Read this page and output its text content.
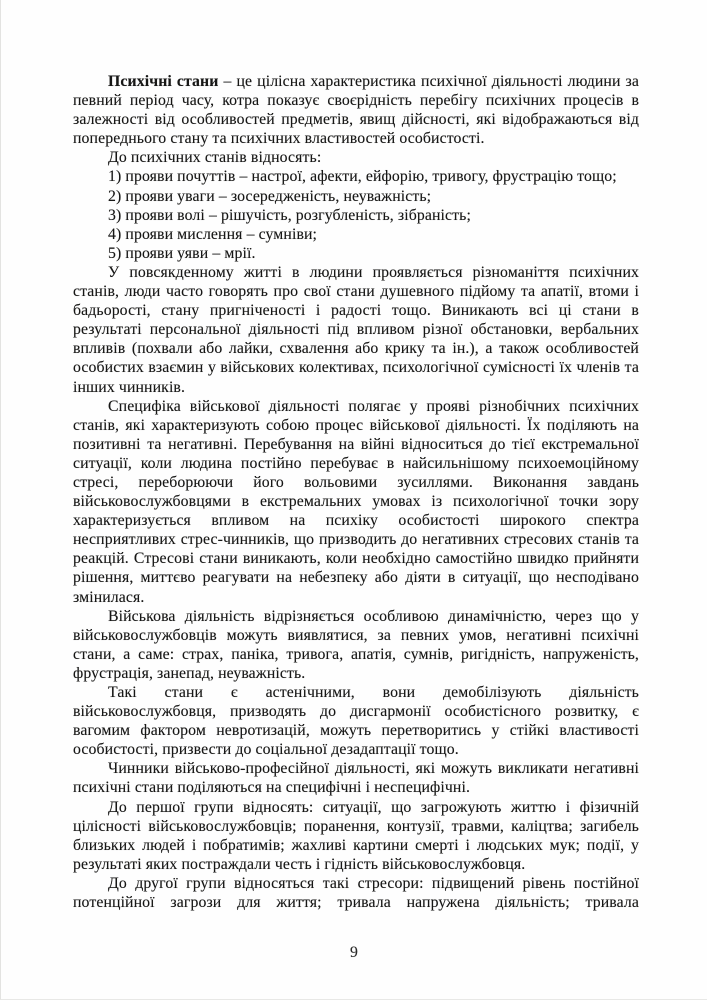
Психічні стани – це цілісна характеристика психічної діяльності людини за певний період часу, котра показує своєрідність перебігу психічних процесів в залежності від особливостей предметів, явищ дійсності, які відображаються від попереднього стану та психічних властивостей особистості.

До психічних станів відносять:

1) прояви почуттів – настрої, афекти, ейфорію, тривогу, фрустрацію тощо;

2) прояви уваги – зосередженість, неуважність;

3) прояви волі – рішучість, розгубленість, зібраність;

4) прояви мислення – сумніви;

5) прояви уяви – мрії.

У повсякденному житті в людини проявляється різноманіття психічних станів, люди часто говорять про свої стани душевного підйому та апатії, втоми і бадьорості, стану пригніченості і радості тощо. Виникають всі ці стани в результаті персональної діяльності під впливом різної обстановки, вербальних впливів (похвали або лайки, схвалення або крику та ін.), а також особливостей особистих взаємин у військових колективах, психологічної сумісності їх членів та інших чинників.

Специфіка військової діяльності полягає у прояві різнобічних психічних станів, які характеризують собою процес військової діяльності. Їх поділяють на позитивні та негативні. Перебування на війні відноситься до тієї екстремальної ситуації, коли людина постійно перебуває в найсильнішому психоемоційному стресі, переборюючи його вольовими зусиллями. Виконання завдань військовослужбовцями в екстремальних умовах із психологічної точки зору характеризується впливом на психіку особистості широкого спектра несприятливих стрес-чинників, що призводить до негативних стресових станів та реакцій. Стресові стани виникають, коли необхідно самостійно швидко прийняти рішення, миттєво реагувати на небезпеку або діяти в ситуації, що несподівано змінилася.

Військова діяльність відрізняється особливою динамічністю, через що у військовослужбовців можуть виявлятися, за певних умов, негативні психічні стани, а саме: страх, паніка, тривога, апатія, сумнів, ригідність, напруженість, фрустрація, занепад, неуважність.

Такі стани є астенічними, вони демобілізують діяльність військовослужбовця, призводять до дисгармонії особистісного розвитку, є вагомим фактором невротизацій, можуть перетворитись у стійкі властивості особистості, призвести до соціальної дезадаптації тощо.

Чинники військово-професійної діяльності, які можуть викликати негативні психічні стани поділяються на специфічні і неспецифічні.

До першої групи відносять: ситуації, що загрожують життю і фізичній цілісності військовослужбовців; поранення, контузії, травми, каліцтва; загибель близьких людей і побратимів; жахливі картини смерті і людських мук; події, у результаті яких постраждали честь і гідність військовослужбовця.

До другої групи відносяться такі стресори: підвищений рівень постійної потенційної загрози для життя; тривала напружена діяльність; тривала

9
